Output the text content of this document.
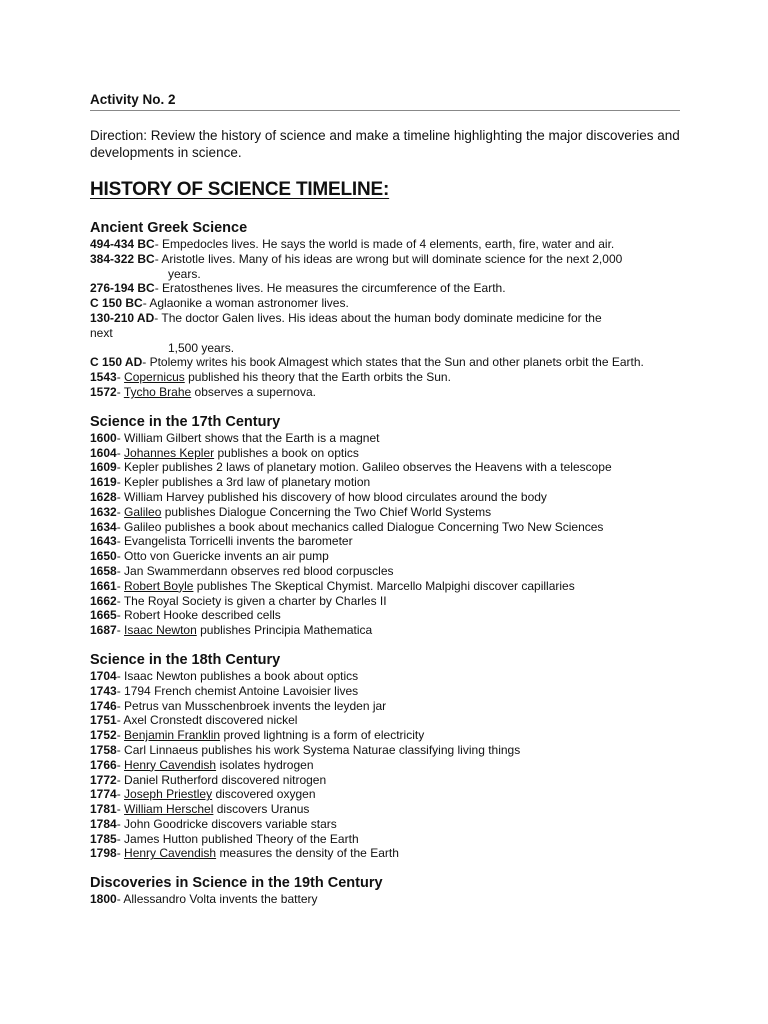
Activity No. 2
Direction: Review the history of science and make a timeline highlighting the major discoveries and developments in science.
HISTORY OF SCIENCE TIMELINE:
Ancient Greek Science
494-434 BC- Empedocles lives. He says the world is made of 4 elements, earth, fire, water and air.
384-322 BC- Aristotle lives. Many of his ideas are wrong but will dominate science for the next 2,000
years.
276-194 BC- Eratosthenes lives. He measures the circumference of the Earth.
C 150 BC- Aglaonike a woman astronomer lives.
130-210 AD- The doctor Galen lives. His ideas about the human body dominate medicine for the
next
1,500 years.
C 150 AD- Ptolemy writes his book Almagest which states that the Sun and other planets orbit the Earth.
1543- Copernicus published his theory that the Earth orbits the Sun.
1572- Tycho Brahe observes a supernova.
Science in the 17th Century
1600- William Gilbert shows that the Earth is a magnet
1604- Johannes Kepler publishes a book on optics
1609- Kepler publishes 2 laws of planetary motion. Galileo observes the Heavens with a telescope
1619- Kepler publishes a 3rd law of planetary motion
1628- William Harvey published his discovery of how blood circulates around the body
1632- Galileo publishes Dialogue Concerning the Two Chief World Systems
1634- Galileo publishes a book about mechanics called Dialogue Concerning Two New Sciences
1643- Evangelista Torricelli invents the barometer
1650- Otto von Guericke invents an air pump
1658- Jan Swammerdann observes red blood corpuscles
1661- Robert Boyle publishes The Skeptical Chymist. Marcello Malpighi discover capillaries
1662- The Royal Society is given a charter by Charles II
1665- Robert Hooke described cells
1687- Isaac Newton publishes Principia Mathematica
Science in the 18th Century
1704- Isaac Newton publishes a book about optics
1743- 1794 French chemist Antoine Lavoisier lives
1746- Petrus van Musschenbroek invents the leyden jar
1751- Axel Cronstedt discovered nickel
1752- Benjamin Franklin proved lightning is a form of electricity
1758- Carl Linnaeus publishes his work Systema Naturae classifying living things
1766- Henry Cavendish isolates hydrogen
1772- Daniel Rutherford discovered nitrogen
1774- Joseph Priestley discovered oxygen
1781- William Herschel discovers Uranus
1784- John Goodricke discovers variable stars
1785- James Hutton published Theory of the Earth
1798- Henry Cavendish measures the density of the Earth
Discoveries in Science in the 19th Century
1800- Allessandro Volta invents the battery
